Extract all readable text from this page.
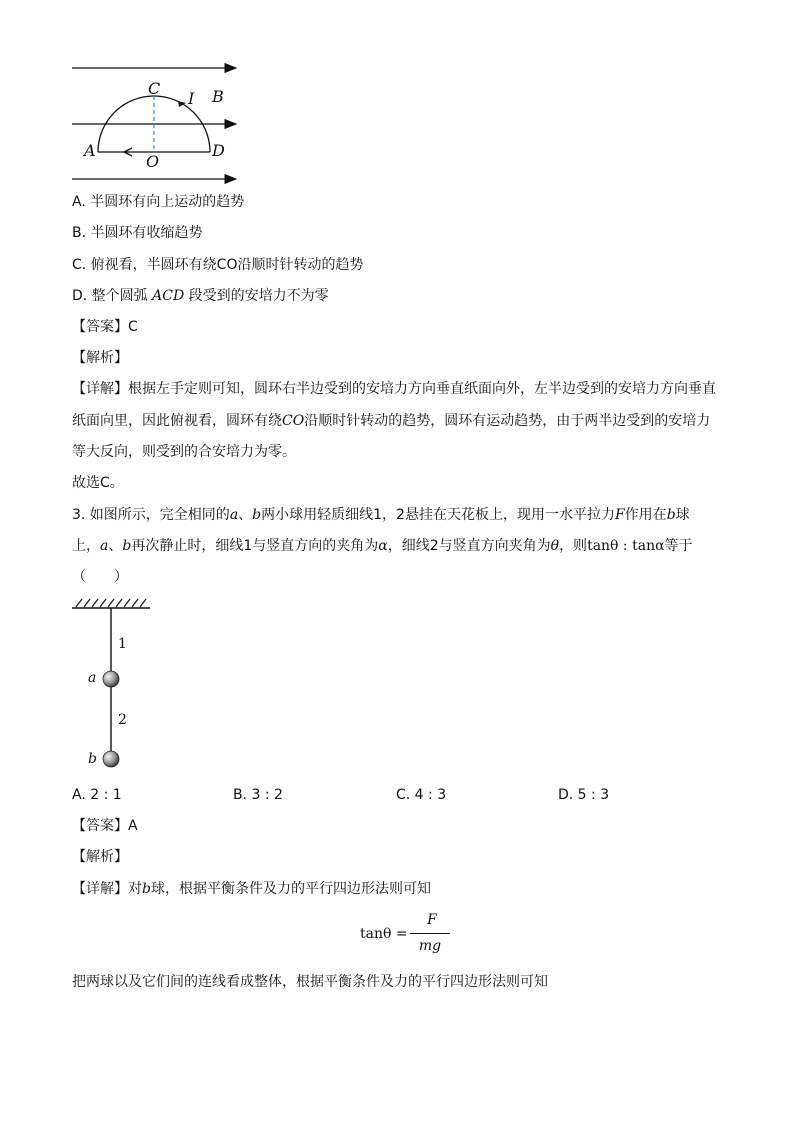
C
I B
A
O
D
A. 半圆环有向上运动的趋势
B. 半圆环有收缩趋势
C. 俯视看，半圆环有绕CO沿顺时针转动的趋势
D. 整个圆弧 ACD 段受到的安培力不为零
【答案】C
【解析】
【详解】根据左手定则可知，圆环右半边受到的安培力方向垂直纸面向外，左半边受到的安培力方向垂直
纸面向里，因此俯视看，圆环有绕CO沿顺时针转动的趋势，圆环有运动趋势，由于两半边受到的安培力
等大反向，则受到的合安培力为零。
故选C。
3. 如图所示，完全相同的a、b两小球用轻质细线1，2悬挂在天花板上，现用一水平拉力F作用在b球
上，a、b再次静止时，细线1与竖直方向的夹角为α，细线2与竖直方向夹角为θ，则tanθ : tanα等于
（　　）
1
a
2
b
A. 2 : 1	B. 3 : 2	C. 4 : 3	D. 5 : 3
【答案】A
【解析】
【详解】对b球，根据平衡条件及力的平行四边形法则可知
tanθ =
F
mg
把两球以及它们间的连线看成整体，根据平衡条件及力的平行四边形法则可知
